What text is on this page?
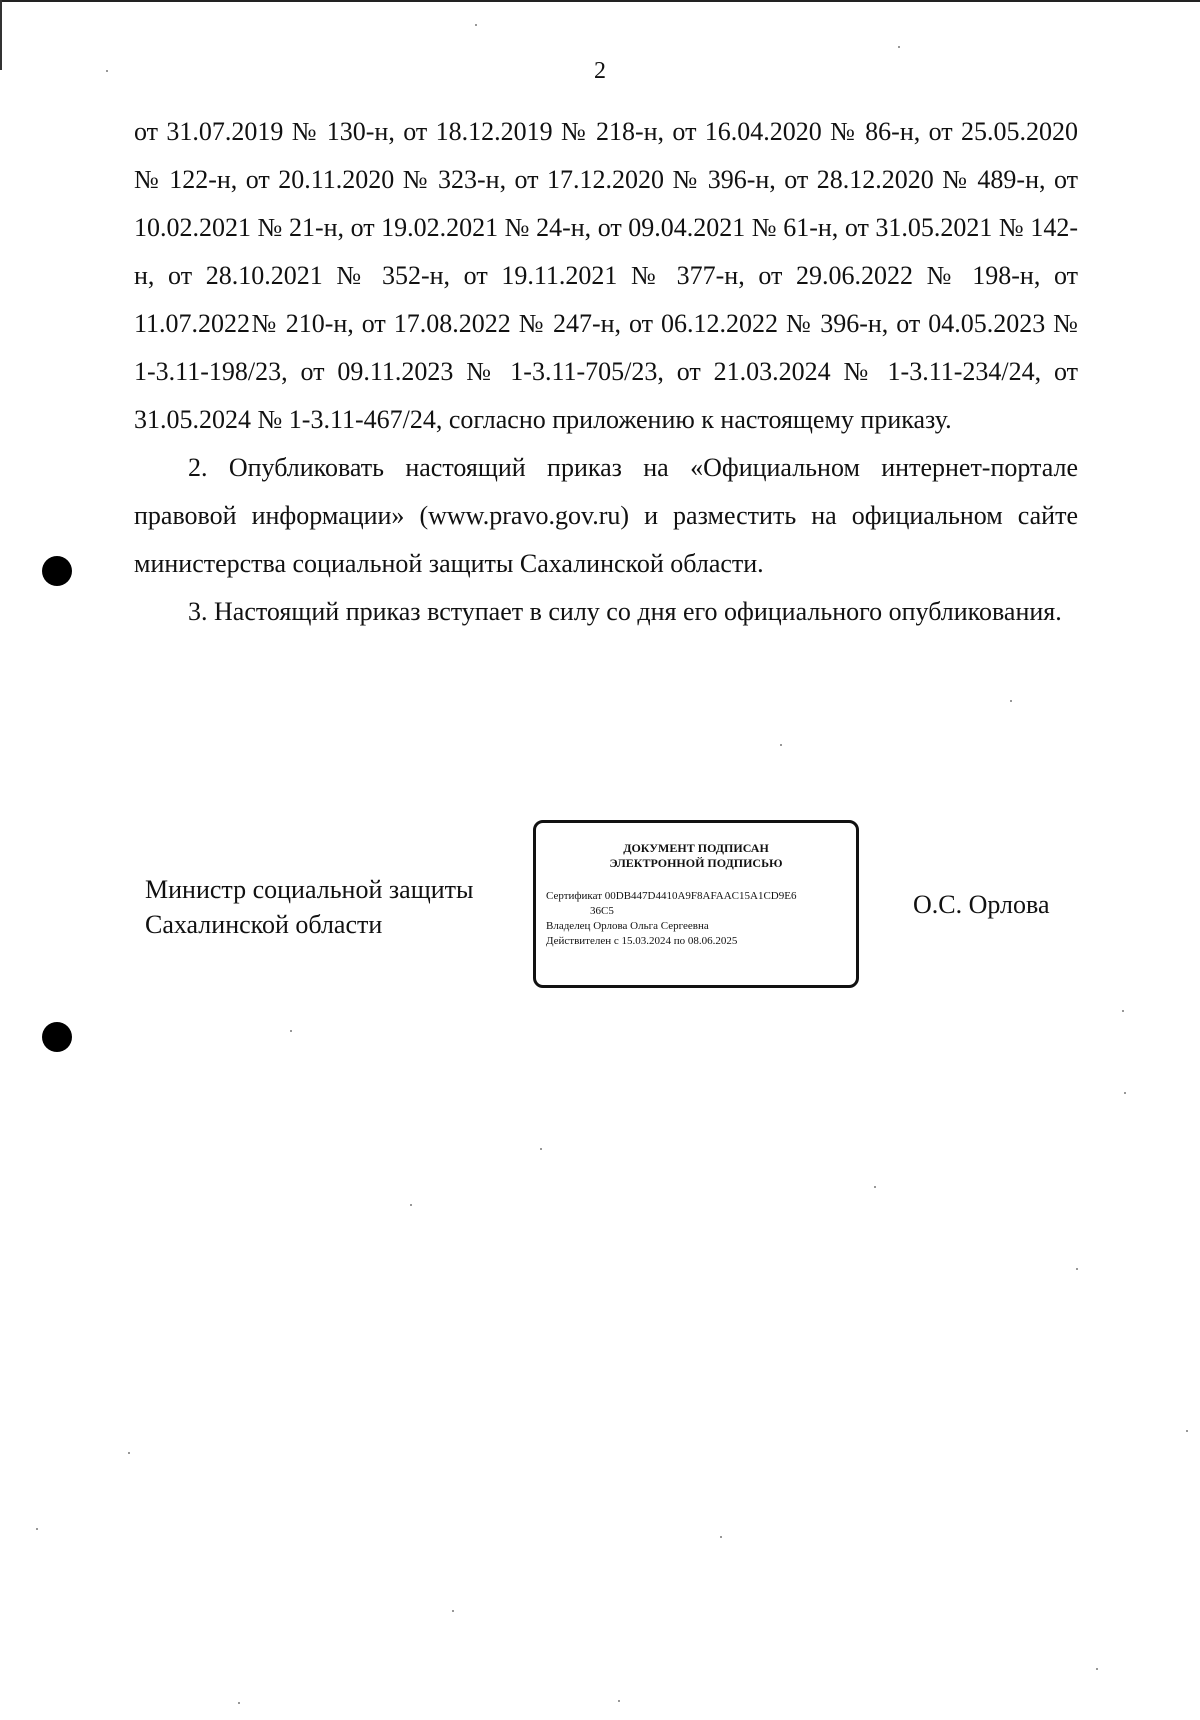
2

от 31.07.2019 № 130-н, от 18.12.2019 № 218-н, от 16.04.2020 № 86-н, от 25.05.2020 № 122-н, от 20.11.2020 № 323-н, от 17.12.2020 № 396-н, от 28.12.2020 № 489-н, от 10.02.2021 № 21-н, от 19.02.2021 № 24-н, от 09.04.2021 № 61-н, от 31.05.2021 № 142-н, от 28.10.2021 № 352-н, от 19.11.2021 № 377-н, от 29.06.2022 № 198-н, от 11.07.2022№ 210-н, от 17.08.2022 № 247-н, от 06.12.2022 № 396-н, от 04.05.2023 № 1-3.11-198/23, от 09.11.2023 № 1-3.11-705/23, от 21.03.2024 № 1-3.11-234/24, от 31.05.2024 № 1-3.11-467/24, согласно приложению к настоящему приказу.

2. Опубликовать настоящий приказ на «Официальном интернет-портале правовой информации» (www.pravo.gov.ru) и разместить на официальном сайте министерства социальной защиты Сахалинской области.

3. Настоящий приказ вступает в силу со дня его официального опубликования.

Министр социальной защиты
Сахалинской области
ДОКУМЕНТ ПОДПИСАН
ЭЛЕКТРОННОЙ ПОДПИСЬЮ
Сертификат 00DB447D4410A9F8AFAAC15A1CD9E6
36C5
Владелец Орлова Ольга Сергеевна
Действителен с 15.03.2024 по 08.06.2025
О.С. Орлова
